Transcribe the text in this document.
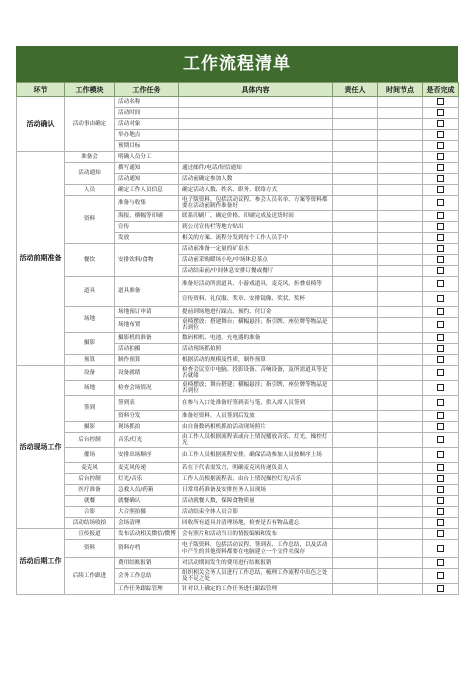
工作流程清单
环节	工作模块	工作任务	具体内容	责任人	时间节点	是否完成
活动确认	活动事由确定	活动名称				
		活动时间				
		活动对象				
		举办地点				
		预期目标				
活动前期准备	准备会	明确人员分工				
	活动通知	撰写通知	通过邮件/电话/短信通知			
		活动通知	活动前确定参加人数			
	人员	确定工作人员信息	确定活动人数、姓名、职务、联络方式			
	资料	准备与收集	电子版资料，包括活动议程、参会人员名单、方案等资料都要在活动前制作准备好			
		海报、横幅等印刷	联系印刷厂，确定价格、印刷完成及送货时间			
		宣传	到公司宣传栏等地方贴出			
		发放	相关的方案、流程分发到每个工作人员手中			
	餐饮	安排饮料/食物	活动前准备一定量的矿泉水			
			活动前采购暖场小吃/中场休息茶点			
			活动结束前/中间休息安排订餐或餐厅			
	道具	道具准备	准备好活动所需道具，小游戏道具，麦克风，折叠桌椅等			
			宣传资料、礼仪服、奖章、安排镜像、奖状、奖杯			
	场地	场地预订申请	提前到场地进行踩点、预约、付订金			
		场地布置	桌椅摆放：搭建舞台；横幅悬挂；指引牌、座位牌等物品是否到位			
	摄影	摄影机的准备	数码相机、电池、充电器的准备			
		活动拍摄	活动现场抓拍照			
	预算	制作预算	根据活动的规模及性质，制作预算			
活动现场工作	设备	设备就绪	检查会议室中电脑、投影设备、音响设备，及所需道具等是否就绪			
	场地	检查会场情况	桌椅摆放；舞台搭建；横幅悬挂；指引牌，座位牌等物品是否到位			
	签到	签到表	在参与入口处准备好签到表与笔，供入席人员签到			
		资料分发	准备好资料，人员签到后发放			
	摄影	现场抓拍	由自备数码相机抓拍活动现场照片			
	后台控制	音乐/灯光	由工作人员根据流程表或台上情况播放音乐、灯光，操控灯光			
	催场	安排出场顺序	由工作人员根据流程安排，确保活动参加人员按顺序上场			
	麦克风	麦克风传递	若在下代表需发言，明确麦克风传递负责人			
	后台控制	灯光/音乐	工作人员根据流程表，由台上情况操控灯光/音乐			
	医疗准备	急救人员/药箱	日常用药准备及安排医务人员现场			
	就餐	就餐确认	活动就餐人数，保障食物质量			
	合影	大合照拍摄	活动结束全体人员合影			
	活动结场收拾	会场清理	回收所有道具并清理场地，检查是否有物品遗忘			
活动后期工作	宣传报道	发布活动相关微信/微博	会有照片和活动当日的情报编辑和发布			
	资料	资料存档	电子版资料，包括活动议程、签到表、工作总结，以及活动中产生的其他资料都要在电脑建立一个文件夹保存			
	后续工作跟进	费用结账报销	对活动期间发生的费用进行结账报销			
		会务工作总结	组织相关会务人员进行工作总结，梳理工作流程中出色之处及不足之处			
		工作任务跟踪管理	针对以上确定的工作任务进行跟踪管理			
